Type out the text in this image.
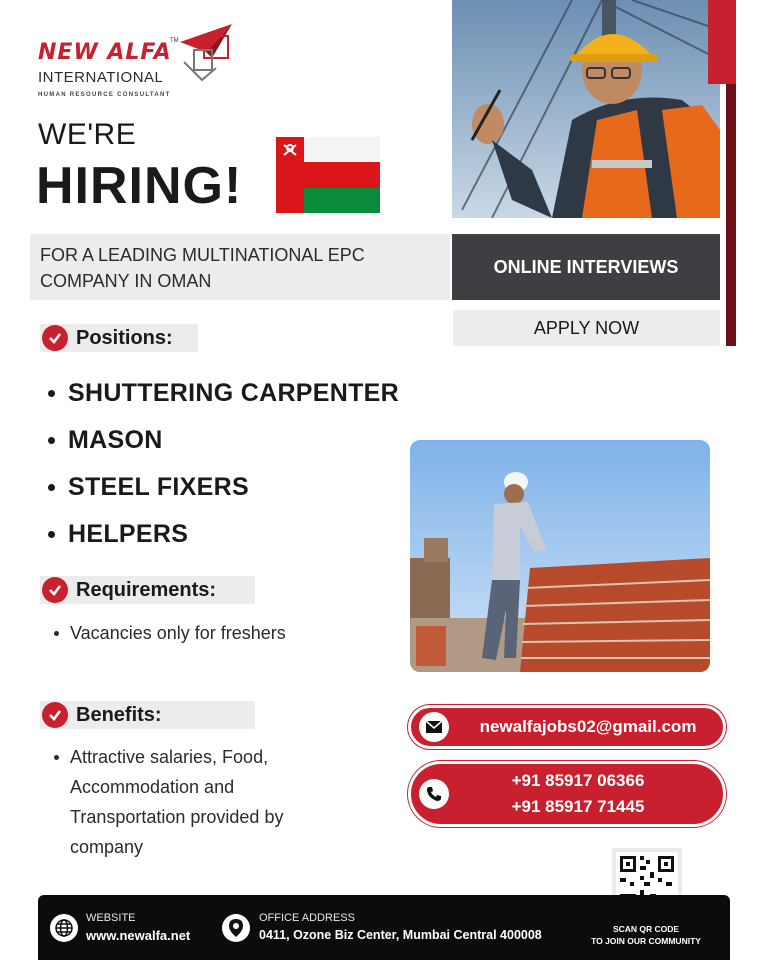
NEW ALFA
TM
INTERNATIONAL
HUMAN RESOURCE CONSULTANT
WE'RE
HIRING!
FOR A LEADING MULTINATIONAL EPC
COMPANY IN OMAN
ONLINE INTERVIEWS
APPLY NOW
Positions:
SHUTTERING CARPENTER
MASON
STEEL FIXERS
HELPERS
Requirements:
Vacancies only for freshers
Benefits:
Attractive salaries, Food,
Accommodation and
Transportation provided by
company
newalfajobs02@gmail.com
+91 85917 06366
+91 85917 71445
WEBSITE
www.newalfa.net
OFFICE ADDRESS
0411, Ozone Biz Center, Mumbai Central 400008	SCAN QR CODE
TO JOIN OUR COMMUNITY
